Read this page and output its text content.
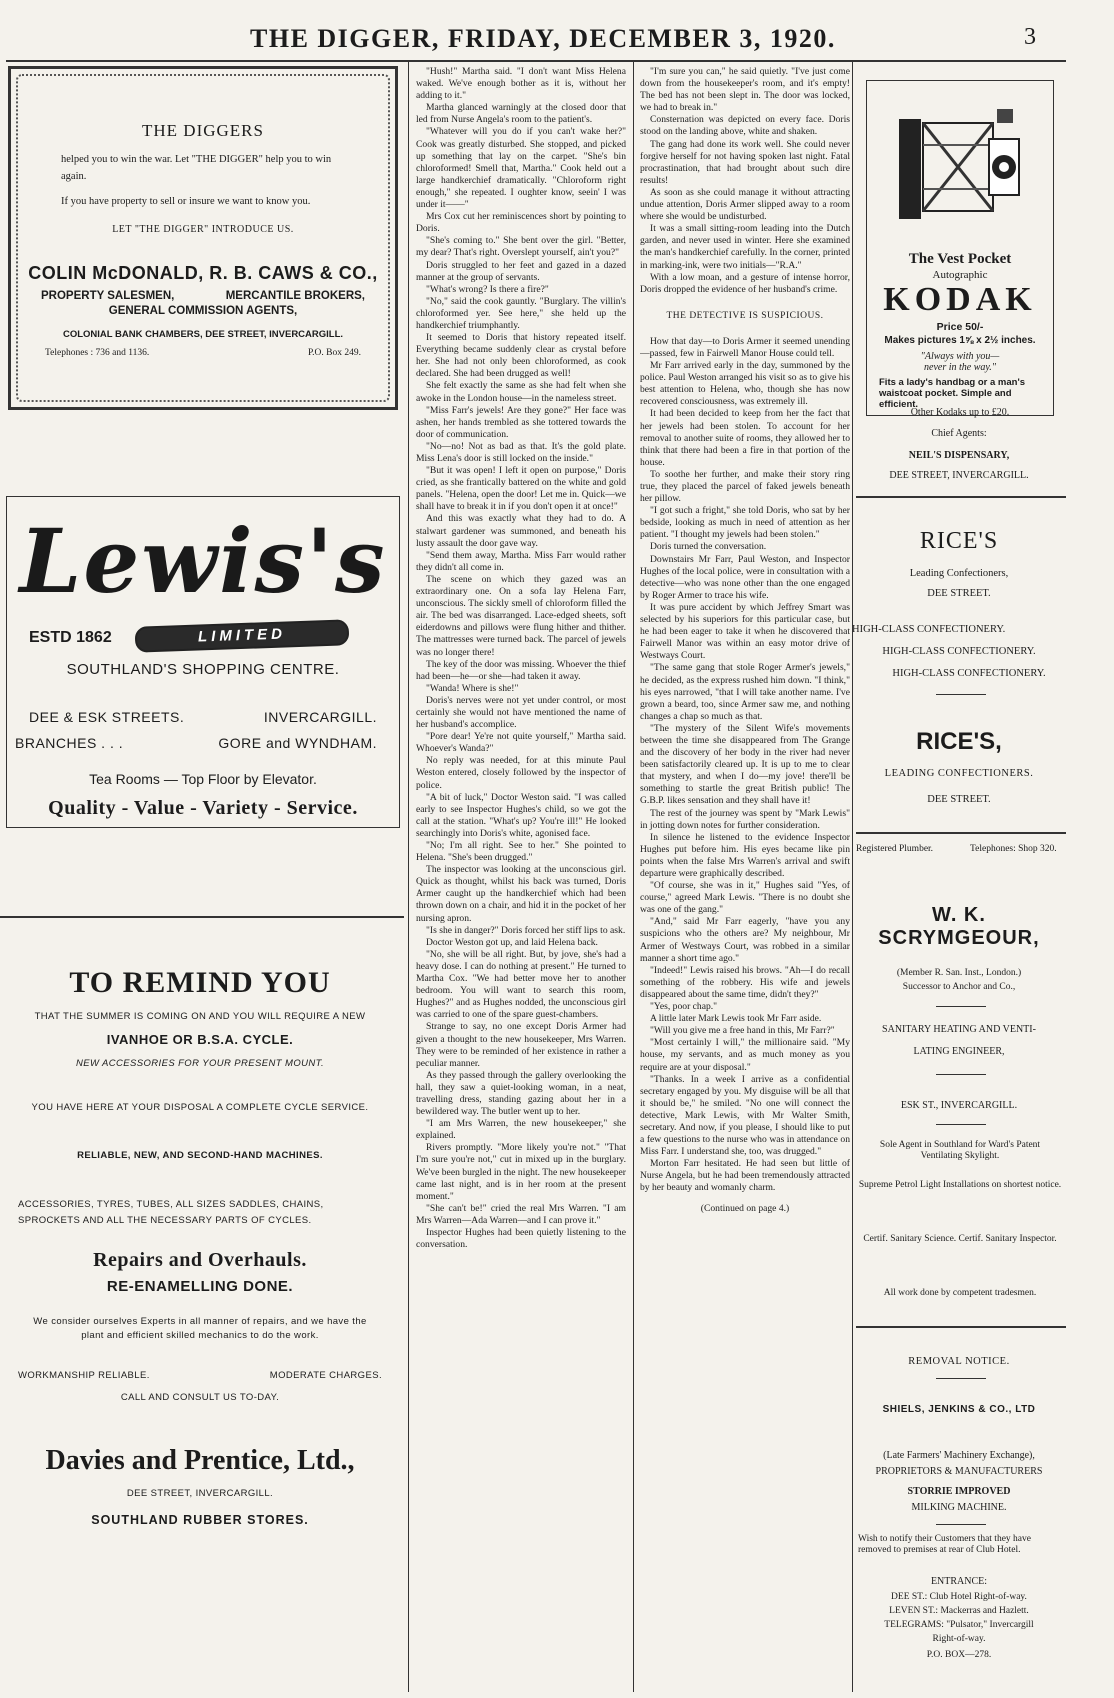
THE DIGGER, FRIDAY, DECEMBER 3, 1920.	3
THE DIGGERS
helped you to win the war. Let "THE DIGGER" help you to win again.
If you have property to sell or insure we want to know you.
LET "THE DIGGER" INTRODUCE US.
COLIN McDONALD, R. B. CAWS & CO.,
PROPERTY SALESMEN,	MERCANTILE BROKERS,
GENERAL COMMISSION AGENTS,
COLONIAL BANK CHAMBERS, DEE STREET, INVERCARGILL.
Telephones : 736 and 1136.	P.O. Box 249.
Lewis's
ESTD 1862	LIMITED
SOUTHLAND'S SHOPPING CENTRE.
DEE & ESK STREETS.	INVERCARGILL.
BRANCHES . . .	GORE and WYNDHAM.
Tea Rooms — Top Floor by Elevator.
Quality - Value - Variety - Service.
TO REMIND YOU
THAT THE SUMMER IS COMING ON AND YOU WILL REQUIRE A NEW
IVANHOE OR B.S.A. CYCLE.
NEW ACCESSORIES FOR YOUR PRESENT MOUNT.
YOU HAVE HERE AT YOUR DISPOSAL A COMPLETE CYCLE SERVICE.
RELIABLE, NEW, AND SECOND-HAND MACHINES.
ACCESSORIES, TYRES, TUBES, ALL SIZES SADDLES, CHAINS, SPROCKETS AND ALL THE NECESSARY PARTS OF CYCLES.
Repairs and Overhauls.
RE-ENAMELLING DONE.
We consider ourselves Experts in all manner of repairs, and we have the plant and efficient skilled mechanics to do the work.
WORKMANSHIP RELIABLE.	MODERATE CHARGES.
CALL AND CONSULT US TO-DAY.
Davies and Prentice, Ltd.,
DEE STREET, INVERCARGILL.
SOUTHLAND RUBBER STORES.

"Hush!" Martha said. "I don't want Miss Helena waked. We've enough bother as it is, without her adding to it."

Martha glanced warningly at the closed door that led from Nurse Angela's room to the patient's.

"Whatever will you do if you can't wake her?" Cook was greatly disturbed. She stopped, and picked up something that lay on the carpet. "She's bin chloroformed! Smell that, Martha." Cook held out a large handkerchief dramatically. "Chloroform right enough," she repeated. I oughter know, seein' I was under it——"

Mrs Cox cut her reminiscences short by pointing to Doris.

"She's coming to." She bent over the girl. "Better, my dear? That's right. Overslept yourself, ain't you?"

Doris struggled to her feet and gazed in a dazed manner at the group of servants.

"What's wrong? Is there a fire?"

"No," said the cook gauntly. "Burglary. The villin's chloroformed yer. See here," she held up the handkerchief triumphantly.

It seemed to Doris that history repeated itself. Everything became suddenly clear as crystal before her. She had not only been chloroformed, as cook declared. She had been drugged as well!

She felt exactly the same as she had felt when she awoke in the London house—in the nameless street.

"Miss Farr's jewels! Are they gone?" Her face was ashen, her hands trembled as she tottered towards the door of communication.

"No—no! Not as bad as that. It's the gold plate. Miss Lena's door is still locked on the inside."

"But it was open! I left it open on purpose," Doris cried, as she frantically battered on the white and gold panels. "Helena, open the door! Let me in. Quick—we shall have to break it in if you don't open it at once!"

And this was exactly what they had to do. A stalwart gardener was summoned, and beneath his lusty assault the door gave way.

"Send them away, Martha. Miss Farr would rather they didn't all come in.

The scene on which they gazed was an extraordinary one. On a sofa lay Helena Farr, unconscious. The sickly smell of chloroform filled the air. The bed was disarranged. Lace-edged sheets, soft eiderdowns and pillows were flung hither and thither. The mattresses were turned back. The parcel of jewels was no longer there!

The key of the door was missing. Whoever the thief had been—he—or she—had taken it away.

"Wanda! Where is she!"

Doris's nerves were not yet under control, or most certainly she would not have mentioned the name of her husband's accomplice.

"Pore dear! Ye're not quite yourself," Martha said. Whoever's Wanda?"

No reply was needed, for at this minute Paul Weston entered, closely followed by the inspector of police.

"A bit of luck," Doctor Weston said. "I was called early to see Inspector Hughes's child, so we got the call at the station. "What's up? You're ill!" He looked searchingly into Doris's white, agonised face.

"No; I'm all right. See to her." She pointed to Helena. "She's been drugged."

The inspector was looking at the unconscious girl. Quick as thought, whilst his back was turned, Doris Armer caught up the handkerchief which had been thrown down on a chair, and hid it in the pocket of her nursing apron.

"Is she in danger?" Doris forced her stiff lips to ask.

Doctor Weston got up, and laid Helena back.

"No, she will be all right. But, by jove, she's had a heavy dose. I can do nothing at present." He turned to Martha Cox. "We had better move her to another bedroom. You will want to search this room, Hughes?" and as Hughes nodded, the unconscious girl was carried to one of the spare guest-chambers.

Strange to say, no one except Doris Armer had given a thought to the new housekeeper, Mrs Warren. They were to be reminded of her existence in rather a peculiar manner.

As they passed through the gallery overlooking the hall, they saw a quiet-looking woman, in a neat, travelling dress, standing gazing about her in a bewildered way. The butler went up to her.

"I am Mrs Warren, the new housekeeper," she explained.

Rivers promptly. "More likely you're not." "That I'm sure you're not," cut in mixed up in the burglary. We've been burgled in the night. The new housekeeper came last night, and is in her room at the present moment."

"She can't be!" cried the real Mrs Warren. "I am Mrs Warren—Ada Warren—and I can prove it."

Inspector Hughes had been quietly listening to the conversation.

"I'm sure you can," he said quietly. "I've just come down from the housekeeper's room, and it's empty! The bed has not been slept in. The door was locked, we had to break in."

Consternation was depicted on every face. Doris stood on the landing above, white and shaken.

The gang had done its work well. She could never forgive herself for not having spoken last night. Fatal procrastination, that had brought about such dire results!

As soon as she could manage it without attracting undue attention, Doris Armer slipped away to a room where she would be undisturbed.

It was a small sitting-room leading into the Dutch garden, and never used in winter. Here she examined the man's handkerchief carefully. In the corner, printed in marking-ink, were two initials—"R.A."

With a low moan, and a gesture of intense horror, Doris dropped the evidence of her husband's crime.

THE DETECTIVE IS SUSPICIOUS.

How that day—to Doris Armer it seemed unending—passed, few in Fairwell Manor House could tell.

Mr Farr arrived early in the day, summoned by the police. Paul Weston arranged his visit so as to give his best attention to Helena, who, though she has now recovered consciousness, was extremely ill.

It had been decided to keep from her the fact that her jewels had been stolen. To account for her removal to another suite of rooms, they allowed her to think that there had been a fire in that portion of the house.

To soothe her further, and make their story ring true, they placed the parcel of faked jewels beneath her pillow.

"I got such a fright," she told Doris, who sat by her bedside, looking as much in need of attention as her patient. "I thought my jewels had been stolen."

Doris turned the conversation.

Downstairs Mr Farr, Paul Weston, and Inspector Hughes of the local police, were in consultation with a detective—who was none other than the one engaged by Roger Armer to trace his wife.

It was pure accident by which Jeffrey Smart was selected by his superiors for this particular case, but he had been eager to take it when he discovered that Fairwell Manor was within an easy motor drive of Westways Court.

"The same gang that stole Roger Armer's jewels," he decided, as the express rushed him down. "I think," his eyes narrowed, "that I will take another name. I've grown a beard, too, since Armer saw me, and nothing changes a chap so much as that.

"The mystery of the Silent Wife's movements between the time she disappeared from The Grange and the discovery of her body in the river had never been satisfactorily cleared up. It is up to me to clear that mystery, and when I do—my jove! there'll be something to startle the great British public! The G.B.P. likes sensation and they shall have it!

The rest of the journey was spent by "Mark Lewis" in jotting down notes for further consideration.

In silence he listened to the evidence Inspector Hughes put before him. His eyes became like pin points when the false Mrs Warren's arrival and swift departure were graphically described.

"Of course, she was in it," Hughes said "Yes, of course," agreed Mark Lewis. "There is no doubt she was one of the gang."

"And," said Mr Farr eagerly, "have you any suspicions who the others are? My neighbour, Mr Armer of Westways Court, was robbed in a similar manner a short time ago."

"Indeed!" Lewis raised his brows. "Ah—I do recall something of the robbery. His wife and jewels disappeared about the same time, didn't they?"

"Yes, poor chap."

A little later Mark Lewis took Mr Farr aside.

"Will you give me a free hand in this, Mr Farr?"

"Most certainly I will," the millionaire said. "My house, my servants, and as much money as you require are at your disposal."

"Thanks. In a week I arrive as a confidential secretary engaged by you. My disguise will be all that it should be," he smiled. "No one will connect the detective, Mark Lewis, with Mr Walter Smith, secretary. And now, if you please, I should like to put a few questions to the nurse who was in attendance on Miss Farr. I understand she, too, was drugged."

Morton Farr hesitated. He had seen but little of Nurse Angela, but he had been tremendously attracted by her beauty and womanly charm.

(Continued on page 4.)

The Vest Pocket
Autographic
KODAK
Price 50/-
Makes pictures 1⅝ x 2½ inches.
"Always with you—
never in the way."
Fits a lady's handbag or a man's waistcoat pocket. Simple and efficient.
Other Kodaks up to £20.
Chief Agents:
NEIL'S DISPENSARY,
DEE STREET, INVERCARGILL.
RICE'S
Leading Confectioners,
DEE STREET.
HIGH-CLASS CONFECTIONERY.
HIGH-CLASS CONFECTIONERY.
HIGH-CLASS CONFECTIONERY.
RICE'S,
LEADING CONFECTIONERS.
DEE STREET.
Registered Plumber.	Telephones: Shop 320.
W. K. SCRYMGEOUR,
(Member R. San. Inst., London.)
Successor to Anchor and Co.,
SANITARY HEATING AND VENTI-
LATING ENGINEER,
ESK ST., INVERCARGILL.
Sole Agent in Southland for Ward's Patent Ventilating Skylight.
Supreme Petrol Light Installations on shortest notice.
Certif. Sanitary Science. Certif. Sanitary Inspector.
All work done by competent tradesmen.
REMOVAL NOTICE.
SHIELS, JENKINS & CO., LTD
(Late Farmers' Machinery Exchange),
PROPRIETORS & MANUFACTURERS
STORRIE IMPROVED
MILKING MACHINE.
Wish to notify their Customers that they have removed to premises at rear of Club Hotel.
ENTRANCE:
DEE ST.: Club Hotel Right-of-way.
LEVEN ST.: Mackerras and Hazlett.
TELEGRAMS: "Pulsator," Invercargill
Right-of-way.
P.O. BOX—278.
